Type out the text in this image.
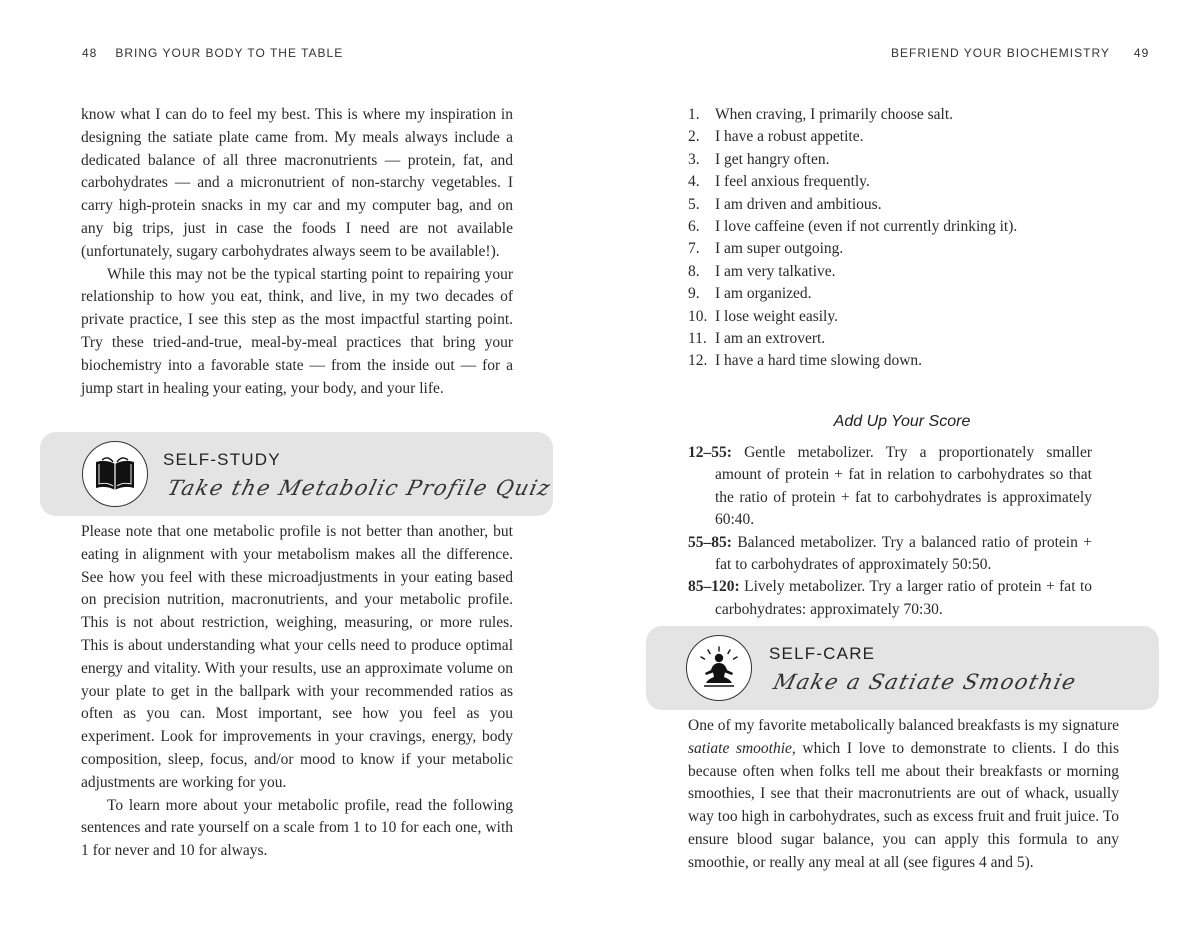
48 BRING YOUR BODY TO THE TABLE

know what I can do to feel my best. This is where my inspiration in designing the satiate plate came from. My meals always include a dedicated balance of all three macronutrients — protein, fat, and carbohydrates — and a micronutrient of non-starchy vegetables. I carry high-protein snacks in my car and my computer bag, and on any big trips, just in case the foods I need are not available (unfortunately, sugary carbohydrates always seem to be available!).

While this may not be the typical starting point to repairing your relationship to how you eat, think, and live, in my two decades of private practice, I see this step as the most impactful starting point. Try these tried-and-true, meal-by-meal practices that bring your biochemistry into a favorable state — from the inside out — for a jump start in healing your eating, your body, and your life.

SELF-STUDY
Take the Metabolic Profile Quiz

Please note that one metabolic profile is not better than another, but eating in alignment with your metabolism makes all the difference. See how you feel with these microadjustments in your eating based on precision nutrition, macronutrients, and your metabolic profile. This is not about restriction, weighing, measuring, or more rules. This is about understanding what your cells need to produce optimal energy and vitality. With your results, use an approximate volume on your plate to get in the ballpark with your recommended ratios as often as you can. Most important, see how you feel as you experiment. Look for improvements in your cravings, energy, body composition, sleep, focus, and/or mood to know if your metabolic adjustments are working for you.

To learn more about your metabolic profile, read the following sentences and rate yourself on a scale from 1 to 10 for each one, with 1 for never and 10 for always.

BEFRIEND YOUR BIOCHEMISTRY 49
1. When craving, I primarily choose salt.
2. I have a robust appetite.
3. I get hangry often.
4. I feel anxious frequently.
5. I am driven and ambitious.
6. I love caffeine (even if not currently drinking it).
7. I am super outgoing.
8. I am very talkative.
9. I am organized.
10. I lose weight easily.
11. I am an extrovert.
12. I have a hard time slowing down.
Add Up Your Score
12–55: Gentle metabolizer. Try a proportionately smaller amount of protein + fat in relation to carbohydrates so that the ratio of protein + fat to carbohydrates is approximately 60:40.
55–85: Balanced metabolizer. Try a balanced ratio of protein + fat to carbohydrates of approximately 50:50.
85–120: Lively metabolizer. Try a larger ratio of protein + fat to carbohydrates: approximately 70:30.
SELF-CARE
Make a Satiate Smoothie

One of my favorite metabolically balanced breakfasts is my signature satiate smoothie, which I love to demonstrate to clients. I do this because often when folks tell me about their breakfasts or morning smoothies, I see that their macronutrients are out of whack, usually way too high in carbohydrates, such as excess fruit and fruit juice. To ensure blood sugar balance, you can apply this formula to any smoothie, or really any meal at all (see figures 4 and 5).
